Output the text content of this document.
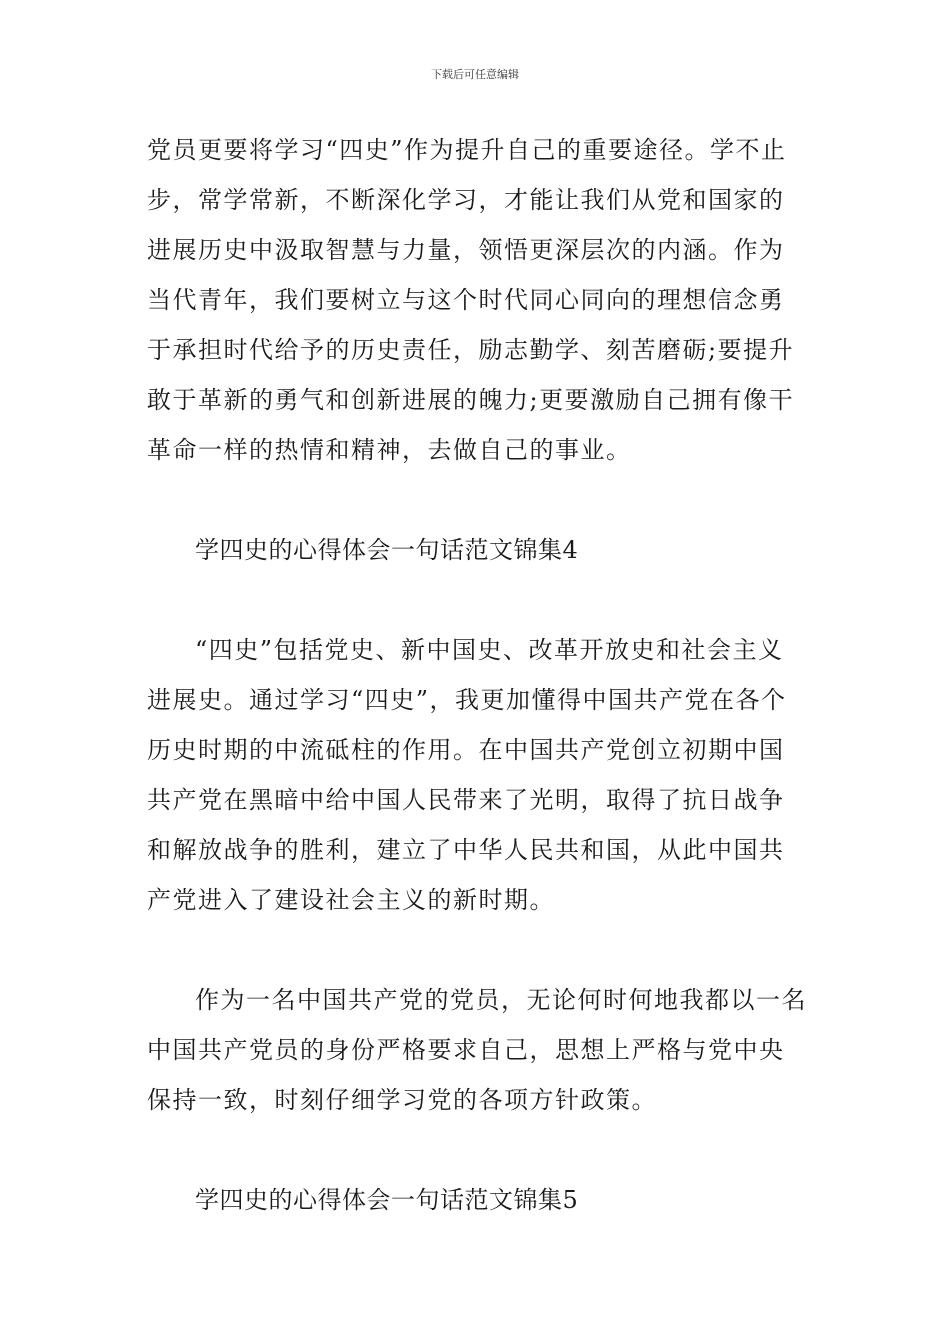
下载后可任意编辑

党员更要将学习“四史”作为提升自己的重要途径。学不止步，常学常新，不断深化学习，才能让我们从党和国家的进展历史中汲取智慧与力量，领悟更深层次的内涵。作为当代青年，我们要树立与这个时代同心同向的理想信念勇于承担时代给予的历史责任，励志勤学、刻苦磨砺;要提升敢于革新的勇气和创新进展的魄力;更要激励自己拥有像干革命一样的热情和精神，去做自己的事业。

学四史的心得体会一句话范文锦集4

“四史”包括党史、新中国史、改革开放史和社会主义进展史。通过学习“四史”，我更加懂得中国共产党在各个历史时期的中流砥柱的作用。在中国共产党创立初期中国共产党在黑暗中给中国人民带来了光明，取得了抗日战争和解放战争的胜利，建立了中华人民共和国，从此中国共产党进入了建设社会主义的新时期。

作为一名中国共产党的党员，无论何时何地我都以一名中国共产党员的身份严格要求自己，思想上严格与党中央保持一致，时刻仔细学习党的各项方针政策。

学四史的心得体会一句话范文锦集5
